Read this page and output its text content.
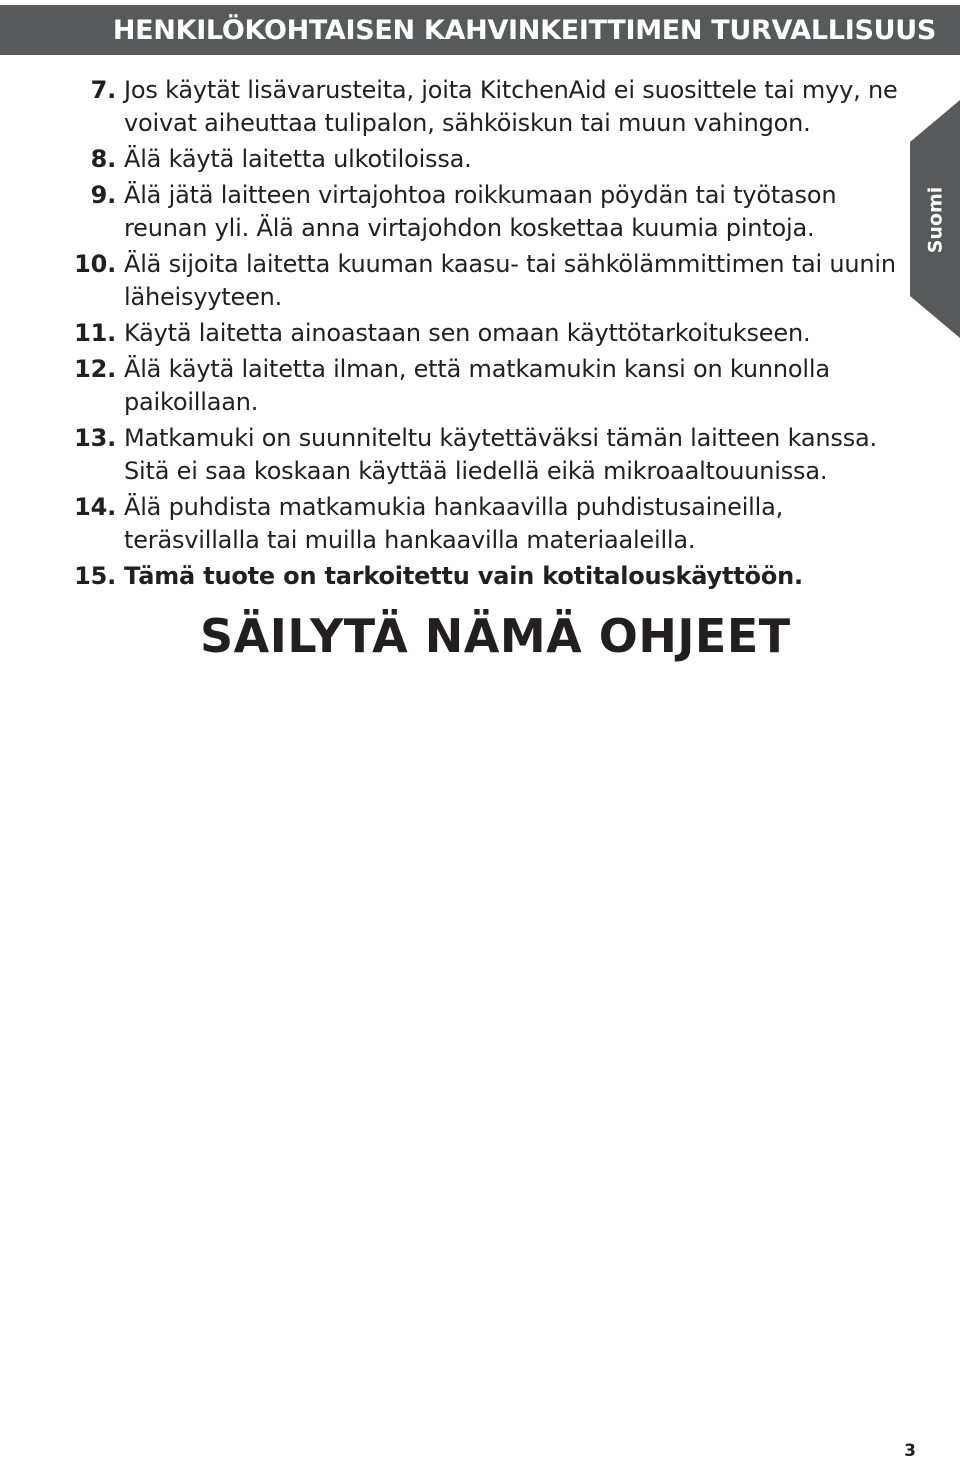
HENKILÖKOHTAISEN KAHVINKEITTIMEN TURVALLISUUS
Suomi
7. Jos käytät lisävarusteita, joita KitchenAid ei suosittele tai myy, ne voivat aiheuttaa tulipalon, sähköiskun tai muun vahingon.
8. Älä käytä laitetta ulkotiloissa.
9. Älä jätä laitteen virtajohtoa roikkumaan pöydän tai työtason reunan yli. Älä anna virtajohdon koskettaa kuumia pintoja.
10. Älä sijoita laitetta kuuman kaasu- tai sähkölämmittimen tai uunin läheisyyteen.
11. Käytä laitetta ainoastaan sen omaan käyttötarkoitukseen.
12. Älä käytä laitetta ilman, että matkamukin kansi on kunnolla paikoillaan.
13. Matkamuki on suunniteltu käytettäväksi tämän laitteen kanssa. Sitä ei saa koskaan käyttää liedellä eikä mikroaaltouunissa.
14. Älä puhdista matkamukia hankaavilla puhdistusaineilla, teräsvillalla tai muilla hankaavilla materiaaleilla.
15. Tämä tuote on tarkoitettu vain kotitalouskäyttöön.
SÄILYTÄ NÄMÄ OHJEET
3
